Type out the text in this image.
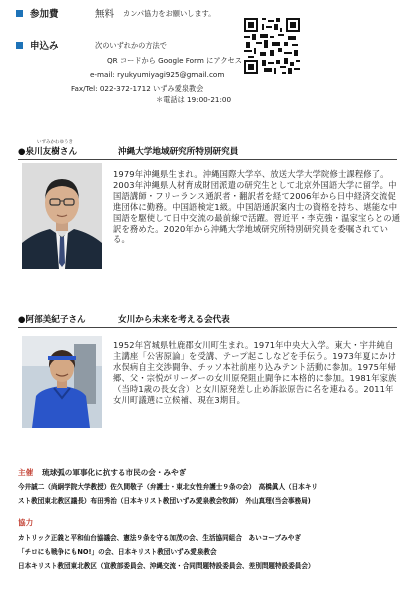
参加費	無料 カンパ協力をお願いします。
申込み	次のいずれかの方法で
QR コードから Google Form にアクセス
e-mail: ryukyumiyagi925@gmail.com
Fax/Tel: 022-372-1712 いずみ愛泉教会
＊電話は 19:00-21:00
いずみかわゆうき
●泉川友樹さん	沖縄大学地域研究所特別研究員
1979年沖縄県生まれ。沖縄国際大学卒、放送大学大学院修士課程修了。2003年沖縄県人材育成財団派遣の研究生として北京外国語大学に留学。中国語講師・フリーランス通訳者・翻訳者を経て2006年から日中経済交流促進団体に勤務。中国語検定1級。中国語通訳案内士の資格を持ち、堪能な中国語を駆使して日中交流の最前線で活躍。習近平・李克強・温家宝らとの通訳を務めた。2020年から沖縄大学地域研究所特別研究員を委嘱されている。
●阿部美紀子さん	女川から未来を考える会代表
1952年宮城県牡鹿郡女川町生まれ。1971年中央大入学。東大・宇井純自主講座「公害原論」を受講、テープ起こしなどを手伝う。1973年夏にかけ水俣病自主交渉闘争、チッソ本社前座り込みテント活動に参加。1975年帰郷、父・宗悦がリーダーの女川原発阻止闘争に本格的に参加。1981年家族（当時1歳の長女含）と女川原発差し止め訴訟原告に名を連ねる。2011年女川町議選に立候補、現在3期目。
主催 琉球弧の軍事化に抗する市民の会・みやぎ
今井誠二（尚絅学院大学教授）佐久間敬子（弁護士・東北女性弁護士９条の会）　高橋眞人（日本キリ
スト教団東北教区議長）布田秀治（日本キリスト教団いずみ愛泉教会牧師）　外山真理(当会事務局)
協力
カトリック正義と平和仙台協議会、憲法９条を守る加茂の会、生活協同組合　あいコープみやぎ
「チロにも戦争にもNO!」の会、日本キリスト教団いずみ愛泉教会
日本キリスト教団東北教区（宣教部委員会、沖縄交流・合同問題特設委員会、差別問題特設委員会）
